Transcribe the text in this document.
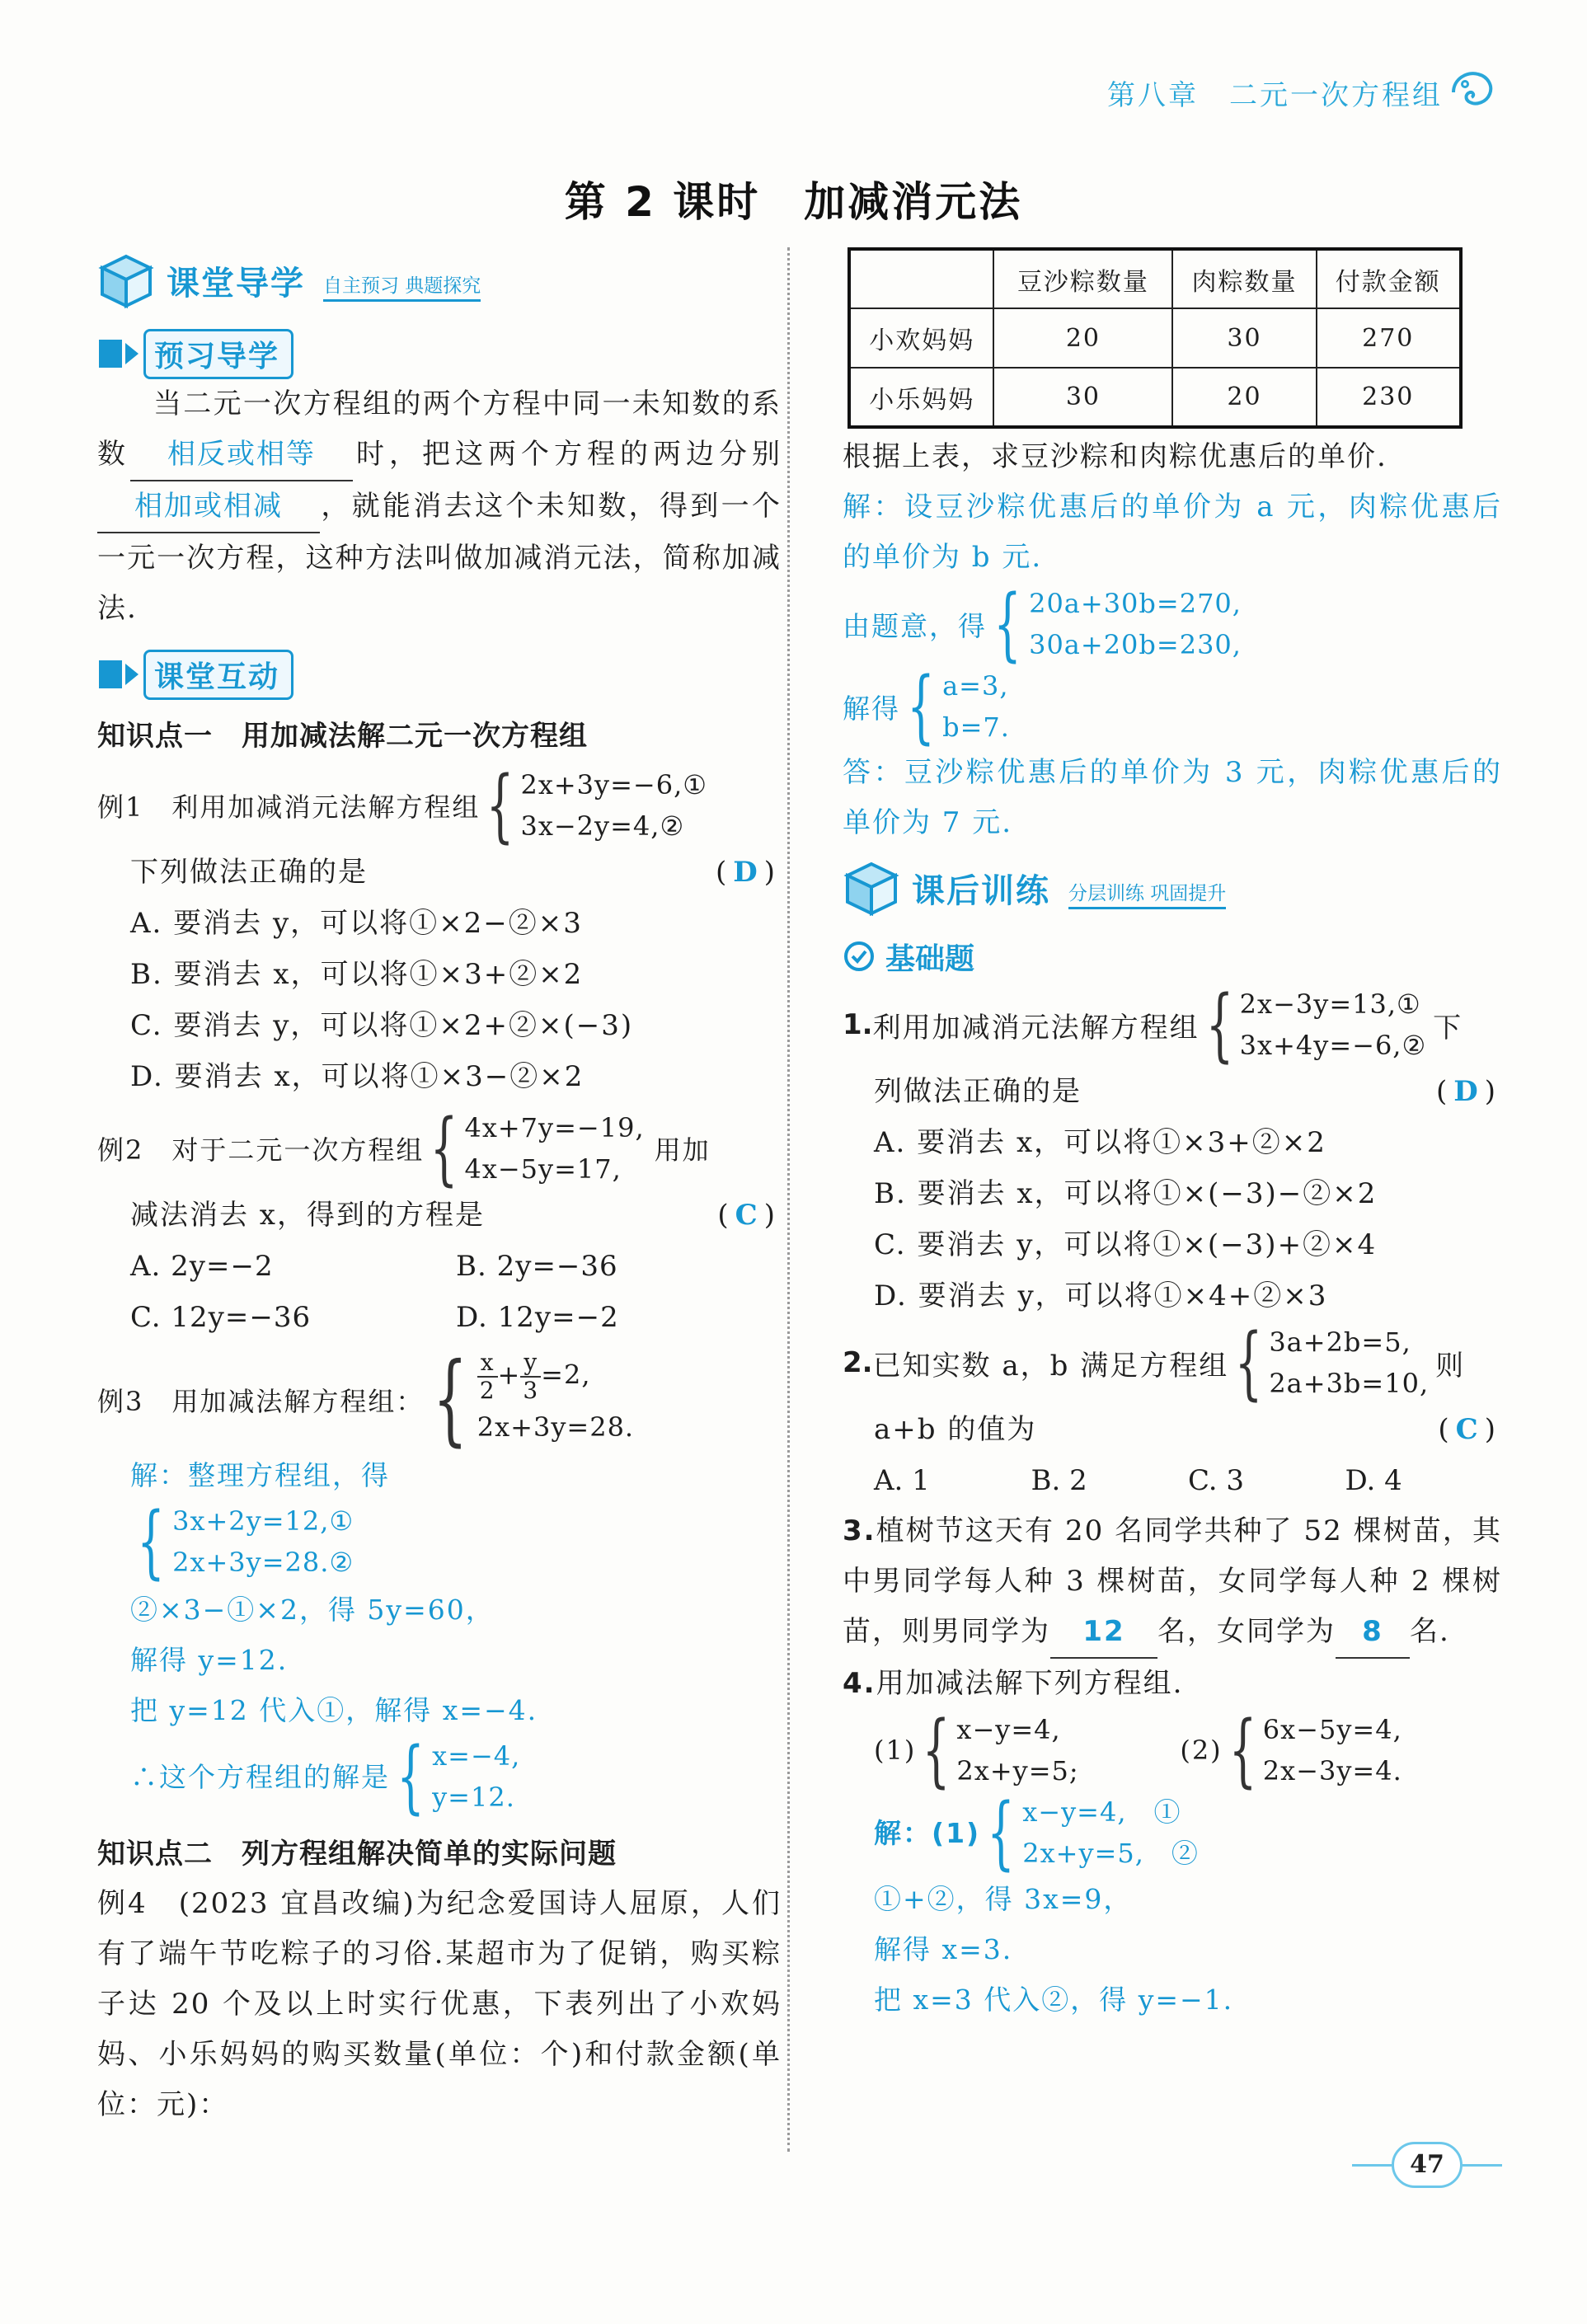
第八章　二元一次方程组
第 2 课时　加减消元法
课堂导学 自主预习 典题探究
预习导学

当二元一次方程组的两个方程中同一未知数的系数 相反或相等 时，把这两个方程的两边分别相加或相减 ，就能消去这个未知数，得到一个一元一次方程，这种方法叫做加减消元法，简称加减法.

课堂互动
知识点一　用加减法解二元一次方程组
例1　利用加减消元法解方程组 { 2x+3y=−6,①
3x−2y=4,②
下列做法正确的是	(D)
A. 要消去 y，可以将①×2−②×3
B. 要消去 x，可以将①×3+②×2
C. 要消去 y，可以将①×2+②×(−3)
D. 要消去 x，可以将①×3−②×2
例2　对于二元一次方程组 { 4x+7y=−19,
4x−5y=17,
用加
减法消去 x，得到的方程是	(C)
A. 2y=−2	B. 2y=−36
C. 12y=−36	D. 12y=−2
例3　用加减法解方程组： { $\frac{x}{2} + \frac{y}{3} =2$,
2x+3y=28.
解：整理方程组，得
{ 3x+2y=12,①
2x+3y=28.②
②×3−①×2，得 5y=60，
解得 y=12.
把 y=12 代入①，解得 x=−4.
∴这个方程组的解是 { x=−4,
y=12.
知识点二　列方程组解决简单的实际问题

例4　 (2023 宜昌改编)为纪念爱国诗人屈原，人们有了端午节吃粽子的习俗.某超市为了促销，购买粽子达 20 个及以上时实行优惠，下表列出了小欢妈妈、小乐妈妈的购买数量(单位：个)和付款金额(单位：元)：

	豆沙粽数量	肉粽数量	付款金额
小欢妈妈	20	30	270
小乐妈妈	30	20	230
根据上表，求豆沙粽和肉粽优惠后的单价.
解：设豆沙粽优惠后的单价为 a 元，肉粽优惠后的单价为 b 元.
由题意，得 { 20a+30b=270,
30a+20b=230,
解得 { a=3,
b=7.
答：豆沙粽优惠后的单价为 3 元，肉粽优惠后的单价为 7 元.
课后训练 分层训练 巩固提升
基础题
1. 利用加减消元法解方程组 { 2x−3y=13,①
3x+4y=−6,②
下
列做法正确的是	(D)
A. 要消去 x，可以将①×3+②×2
B. 要消去 x，可以将①×(−3)−②×2
C. 要消去 y，可以将①×(−3)+②×4
D. 要消去 y，可以将①×4+②×3
2. 已知实数 a，b 满足方程组 { 3a+2b=5,
2a+3b=10,
则
a+b 的值为	(C)
A. 1	B. 2	C. 3	D. 4

3.植树节这天有 20 名同学共种了 52 棵树苗，其中男同学每人种 3 棵树苗，女同学每人种 2 棵树苗，则男同学为 12 名，女同学为 8 名.

4.用加减法解下列方程组.
(1) { x−y=4,
2x+y=5;
(2) { 6x−5y=4,
2x−3y=4.
解：(1) { x−y=4,　①
2x+y=5,　②
①+②，得 3x=9，
解得 x=3.
把 x=3 代入②，得 y=−1.
47
